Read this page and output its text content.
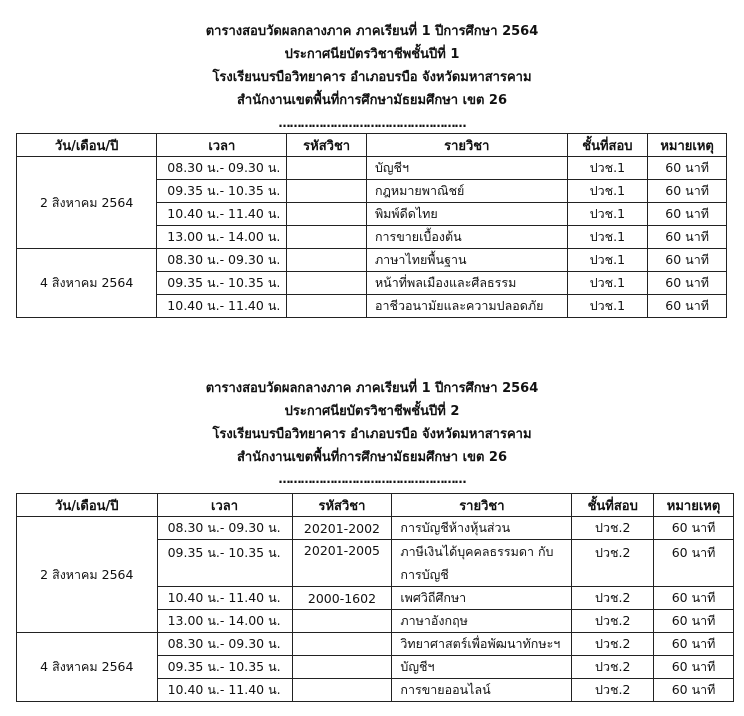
ตารางสอบวัดผลกลางภาค ภาคเรียนที่ 1 ปีการศึกษา 2564
ประกาศนียบัตรวิชาชีพชั้นปีที่ 1
โรงเรียนบรบือวิทยาคาร อำเภอบรบือ จังหวัดมหาสารคาม
สำนักงานเขตพื้นที่การศึกษามัธยมศึกษา เขต 26
……………………………………………
วัน/เดือน/ปี	เวลา	รหัสวิชา	รายวิชา	ชั้นที่สอบ	หมายเหตุ
2 สิงหาคม 2564	08.30 น.- 09.30 น.		บัญชีฯ	ปวช.1	60 นาที
	09.35 น.- 10.35 น.		กฎหมายพาณิชย์	ปวช.1	60 นาที
	10.40 น.- 11.40 น.		พิมพ์ดีดไทย	ปวช.1	60 นาที
	13.00 น.- 14.00 น.		การขายเบื้องต้น	ปวช.1	60 นาที
4 สิงหาคม 2564	08.30 น.- 09.30 น.		ภาษาไทยพื้นฐาน	ปวช.1	60 นาที
	09.35 น.- 10.35 น.		หน้าที่พลเมืองและศีลธรรม	ปวช.1	60 นาที
	10.40 น.- 11.40 น.		อาชีวอนามัยและความปลอดภัย	ปวช.1	60 นาที
ตารางสอบวัดผลกลางภาค ภาคเรียนที่ 1 ปีการศึกษา 2564
ประกาศนียบัตรวิชาชีพชั้นปีที่ 2
โรงเรียนบรบือวิทยาคาร อำเภอบรบือ จังหวัดมหาสารคาม
สำนักงานเขตพื้นที่การศึกษามัธยมศึกษา เขต 26
……………………………………………
วัน/เดือน/ปี	เวลา	รหัสวิชา	รายวิชา	ชั้นที่สอบ	หมายเหตุ
2 สิงหาคม 2564	08.30 น.- 09.30 น.	20201-2002	การบัญชีห้างหุ้นส่วน	ปวช.2	60 นาที
	09.35 น.- 10.35 น.	20201-2005	ภาษีเงินได้บุคคลธรรมดา กับการบัญชี	ปวช.2	60 นาที
	10.40 น.- 11.40 น.	2000-1602	เพศวิถีศึกษา	ปวช.2	60 นาที
	13.00 น.- 14.00 น.		ภาษาอังกฤษ	ปวช.2	60 นาที
4 สิงหาคม 2564	08.30 น.- 09.30 น.		วิทยาศาสตร์เพื่อพัฒนาทักษะฯ	ปวช.2	60 นาที
	09.35 น.- 10.35 น.		บัญชีฯ	ปวช.2	60 นาที
	10.40 น.- 11.40 น.		การขายออนไลน์	ปวช.2	60 นาที
